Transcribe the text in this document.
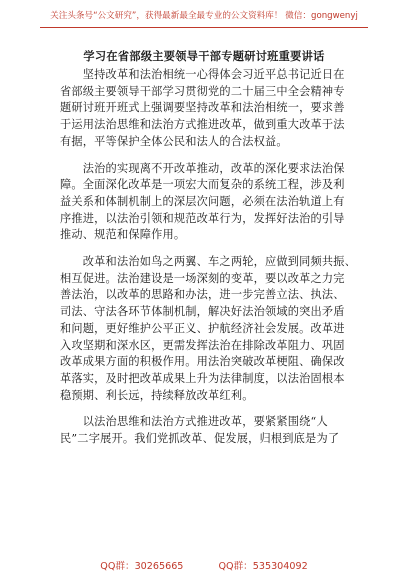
关注头条号“公文研究”，获得最新最全最专业的公文资料库！ 微信：gongwenyj
学习在省部级主要领导干部专题研讨班重要讲话

　　坚持改革和法治相统一心得体会习近平总书记近日在
省部级主要领导干部学习贯彻党的二十届三中全会精神专
题研讨班开班式上强调要坚持改革和法治相统一，要求善
于运用法治思维和法治方式推进改革，做到重大改革于法
有据，平等保护全体公民和法人的合法权益。

　　法治的实现离不开改革推动，改革的深化要求法治保
障。全面深化改革是一项宏大而复杂的系统工程，涉及利
益关系和体制机制上的深层次问题，必须在法治轨道上有
序推进，以法治引领和规范改革行为，发挥好法治的引导
推动、规范和保障作用。

　　改革和法治如鸟之两翼、车之两轮，应做到同频共振、
相互促进。法治建设是一场深刻的变革，要以改革之力完
善法治，以改革的思路和办法，进一步完善立法、执法、
司法、守法各环节体制机制，解决好法治领域的突出矛盾
和问题，更好维护公平正义、护航经济社会发展。改革进
入攻坚期和深水区，更需发挥法治在排除改革阻力、巩固
改革成果方面的积极作用。用法治突破改革梗阻、确保改
革落实，及时把改革成果上升为法律制度，以法治固根本
稳预期、利长远，持续释放改革红利。

　　以法治思维和法治方式推进改革，要紧紧围绕“人
民”二字展开。我们党抓改革、促发展，归根到底是为了

QQ群：30265665	QQ群：535304092
